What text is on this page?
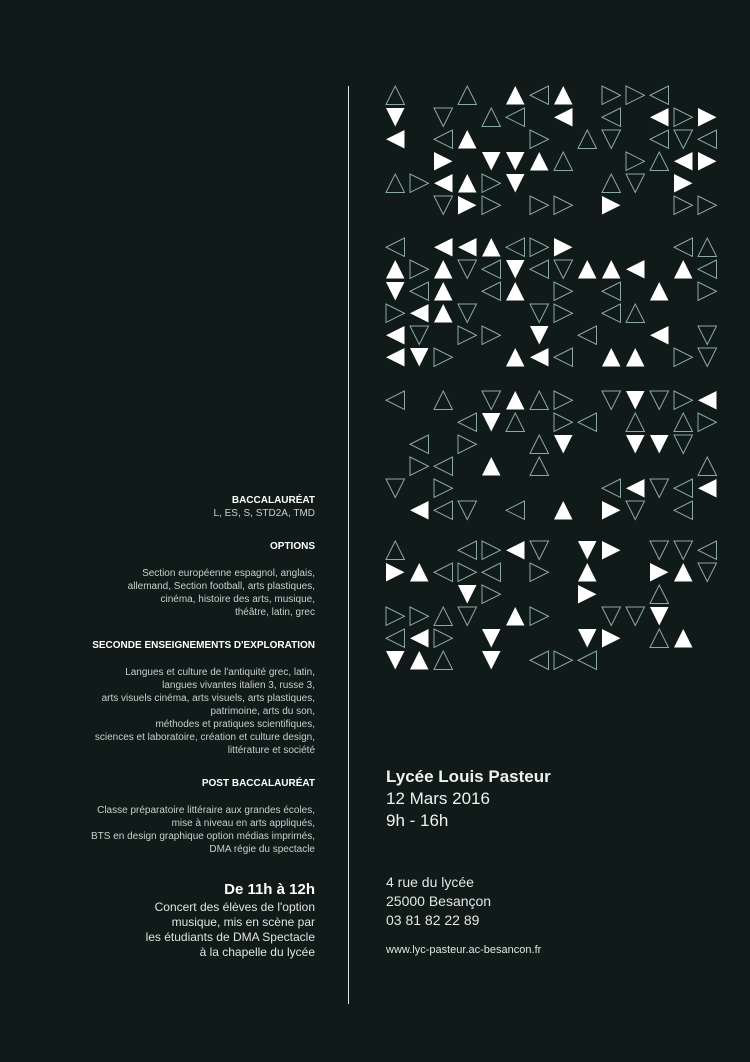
BACCALAURÉAT

L, ES, S, STD2A, TMD

OPTIONS

Section européenne espagnol, anglais,

allemand, Section football, arts plastiques,

cinéma, histoire des arts, musique,

théâtre, latin, grec

SECONDE ENSEIGNEMENTS D'EXPLORATION

Langues et culture de l'antiquité grec, latin,

langues vivantes italien 3, russe 3,

arts visuels cinéma, arts visuels, arts plastiques,

patrimoine, arts du son,

méthodes et pratiques scientifiques,

sciences et laboratoire, création et culture design,

littérature et société

POST BACCALAURÉAT

Classe préparatoire littéraire aux grandes écoles,

mise à niveau en arts appliqués,

BTS en design graphique option médias imprimés,

DMA régie du spectacle

De 11h à 12h
Concert des élèves de l'option
musique, mis en scène par
les étudiants de DMA Spectacle
à la chapelle du lycée
Lycée Louis Pasteur
12 Mars 2016
9h - 16h
4 rue du lycée
25000 Besançon
03 81 82 22 89
www.lyc-pasteur.ac-besancon.fr
